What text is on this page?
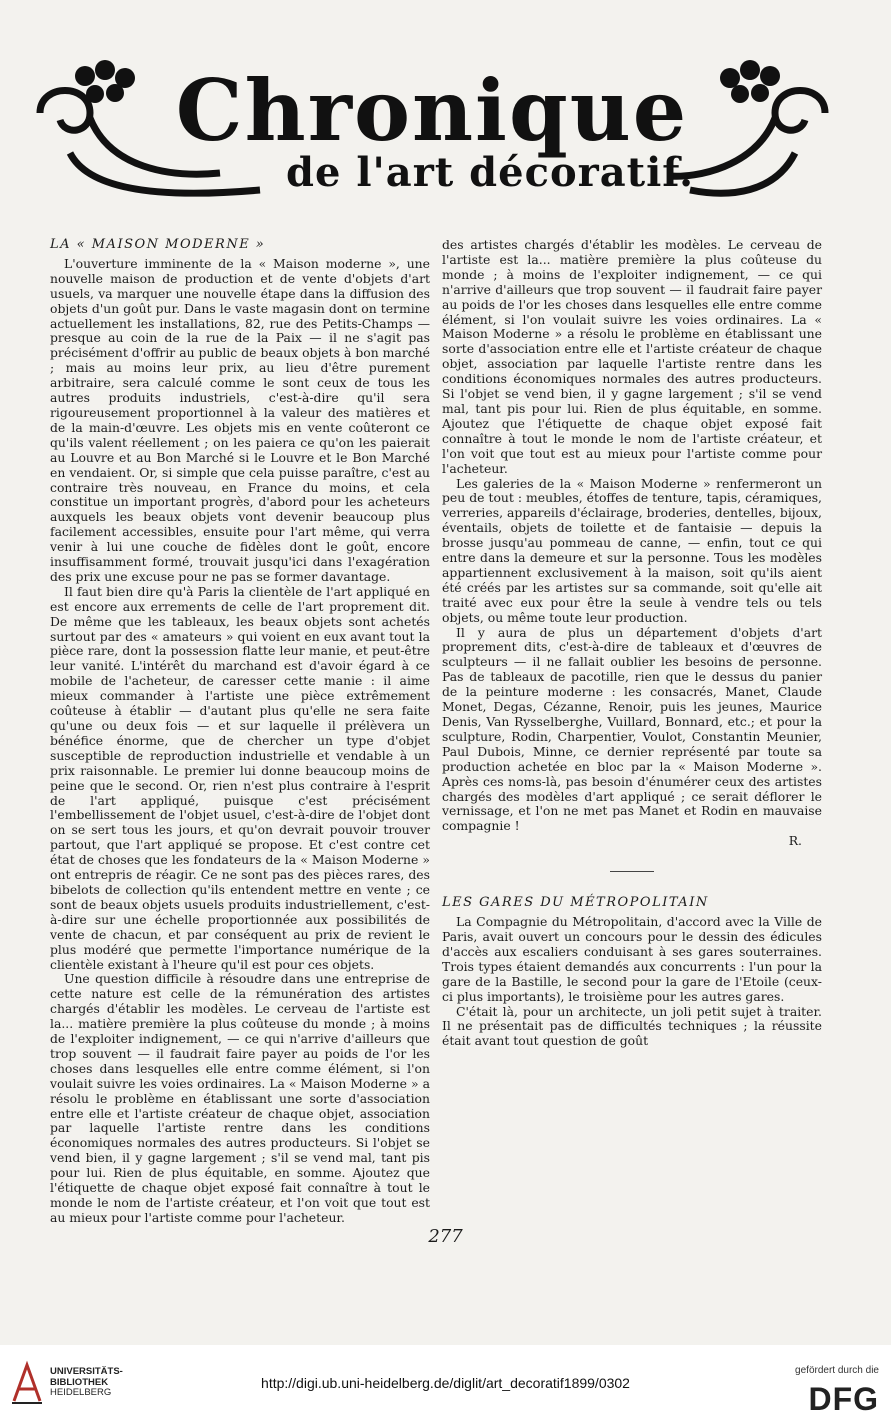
Chronique
de l'art décoratif.
LA « MAISON MODERNE »

L'ouverture imminente de la « Maison moderne », une nouvelle maison de production et de vente d'objets d'art usuels, va marquer une nouvelle étape dans la diffusion des objets d'un goût pur. Dans le vaste magasin dont on termine actuellement les installations, 82, rue des Petits-Champs — presque au coin de la rue de la Paix — il ne s'agit pas précisément d'offrir au public de beaux objets à bon marché ; mais au moins leur prix, au lieu d'être purement arbitraire, sera calculé comme le sont ceux de tous les autres produits industriels, c'est-à-dire qu'il sera rigoureusement proportionnel à la valeur des matières et de la main-d'œuvre. Les objets mis en vente coûteront ce qu'ils valent réellement ; on les paiera ce qu'on les paierait au Louvre et au Bon Marché si le Louvre et le Bon Marché en vendaient. Or, si simple que cela puisse paraître, c'est au contraire très nouveau, en France du moins, et cela constitue un important progrès, d'abord pour les acheteurs auxquels les beaux objets vont devenir beaucoup plus facilement accessibles, ensuite pour l'art même, qui verra venir à lui une couche de fidèles dont le goût, encore insuffisamment formé, trouvait jusqu'ici dans l'exagération des prix une excuse pour ne pas se former davantage.

Il faut bien dire qu'à Paris la clientèle de l'art appliqué en est encore aux errements de celle de l'art proprement dit. De même que les tableaux, les beaux objets sont achetés surtout par des « amateurs » qui voient en eux avant tout la pièce rare, dont la possession flatte leur manie, et peut-être leur vanité. L'intérêt du marchand est d'avoir égard à ce mobile de l'acheteur, de caresser cette manie : il aime mieux commander à l'artiste une pièce extrêmement coûteuse à établir — d'autant plus qu'elle ne sera faite qu'une ou deux fois — et sur laquelle il prélèvera un bénéfice énorme, que de chercher un type d'objet susceptible de reproduction industrielle et vendable à un prix raisonnable. Le premier lui donne beaucoup moins de peine que le second. Or, rien n'est plus contraire à l'esprit de l'art appliqué, puisque c'est précisément l'embellissement de l'objet usuel, c'est-à-dire de l'objet dont on se sert tous les jours, et qu'on devrait pouvoir trouver partout, que l'art appliqué se propose. Et c'est contre cet état de choses que les fondateurs de la « Maison Moderne » ont entrepris de réagir. Ce ne sont pas des pièces rares, des bibelots de collection qu'ils entendent mettre en vente ; ce sont de beaux objets usuels produits industriellement, c'est-à-dire sur une échelle proportionnée aux possibilités de vente de chacun, et par conséquent au prix de revient le plus modéré que permette l'importance numérique de la clientèle existant à l'heure qu'il est pour ces objets.

Une question difficile à résoudre dans une entreprise de cette nature est celle de la rémunération des artistes chargés d'établir les modèles. Le cerveau de l'artiste est la... matière première la plus coûteuse du monde ; à moins de l'exploiter indignement, — ce qui n'arrive d'ailleurs que trop souvent — il faudrait faire payer au poids de l'or les choses dans lesquelles elle entre comme élément, si l'on voulait suivre les voies ordinaires. La « Maison Moderne » a résolu le problème en établissant une sorte d'association entre elle et l'artiste créateur de chaque objet, association par laquelle l'artiste rentre dans les conditions économiques normales des autres producteurs. Si l'objet se vend bien, il y gagne largement ; s'il se vend mal, tant pis pour lui. Rien de plus équitable, en somme. Ajoutez que l'étiquette de chaque objet exposé fait connaître à tout le monde le nom de l'artiste créateur, et l'on voit que tout est au mieux pour l'artiste comme pour l'acheteur.

des artistes chargés d'établir les modèles. Le cerveau de l'artiste est la... matière première la plus coûteuse du monde ; à moins de l'exploiter indignement, — ce qui n'arrive d'ailleurs que trop souvent — il faudrait faire payer au poids de l'or les choses dans lesquelles elle entre comme élément, si l'on voulait suivre les voies ordinaires. La « Maison Moderne » a résolu le problème en établissant une sorte d'association entre elle et l'artiste créateur de chaque objet, association par laquelle l'artiste rentre dans les conditions économiques normales des autres producteurs. Si l'objet se vend bien, il y gagne largement ; s'il se vend mal, tant pis pour lui. Rien de plus équitable, en somme. Ajoutez que l'étiquette de chaque objet exposé fait connaître à tout le monde le nom de l'artiste créateur, et l'on voit que tout est au mieux pour l'artiste comme pour l'acheteur.

Les galeries de la « Maison Moderne » renfermeront un peu de tout : meubles, étoffes de tenture, tapis, céramiques, verreries, appareils d'éclairage, broderies, dentelles, bijoux, éventails, objets de toilette et de fantaisie — depuis la brosse jusqu'au pommeau de canne, — enfin, tout ce qui entre dans la demeure et sur la personne. Tous les modèles appartiennent exclusivement à la maison, soit qu'ils aient été créés par les artistes sur sa commande, soit qu'elle ait traité avec eux pour être la seule à vendre tels ou tels objets, ou même toute leur production.

Il y aura de plus un département d'objets d'art proprement dits, c'est-à-dire de tableaux et d'œuvres de sculpteurs — il ne fallait oublier les besoins de personne. Pas de tableaux de pacotille, rien que le dessus du panier de la peinture moderne : les consacrés, Manet, Claude Monet, Degas, Cézanne, Renoir, puis les jeunes, Maurice Denis, Van Rysselberghe, Vuillard, Bonnard, etc.; et pour la sculpture, Rodin, Charpentier, Voulot, Constantin Meunier, Paul Dubois, Minne, ce dernier représenté par toute sa production achetée en bloc par la « Maison Moderne ». Après ces noms-là, pas besoin d'énumérer ceux des artistes chargés des modèles d'art appliqué ; ce serait déflorer le vernissage, et l'on ne met pas Manet et Rodin en mauvaise compagnie !

R.

LES GARES DU MÉTROPOLITAIN

La Compagnie du Métropolitain, d'accord avec la Ville de Paris, avait ouvert un concours pour le dessin des édicules d'accès aux escaliers conduisant à ses gares souterraines. Trois types étaient demandés aux concurrents : l'un pour la gare de la Bastille, le second pour la gare de l'Etoile (ceux-ci plus importants), le troisième pour les autres gares.

C'était là, pour un architecte, un joli petit sujet à traiter. Il ne présentait pas de difficultés techniques ; la réussite était avant tout question de goût

277
UNIVERSITÄTS-
BIBLIOTHEK
HEIDELBERG
http://digi.ub.uni-heidelberg.de/diglit/art_decoratif1899/0302
gefördert durch die
DFG
